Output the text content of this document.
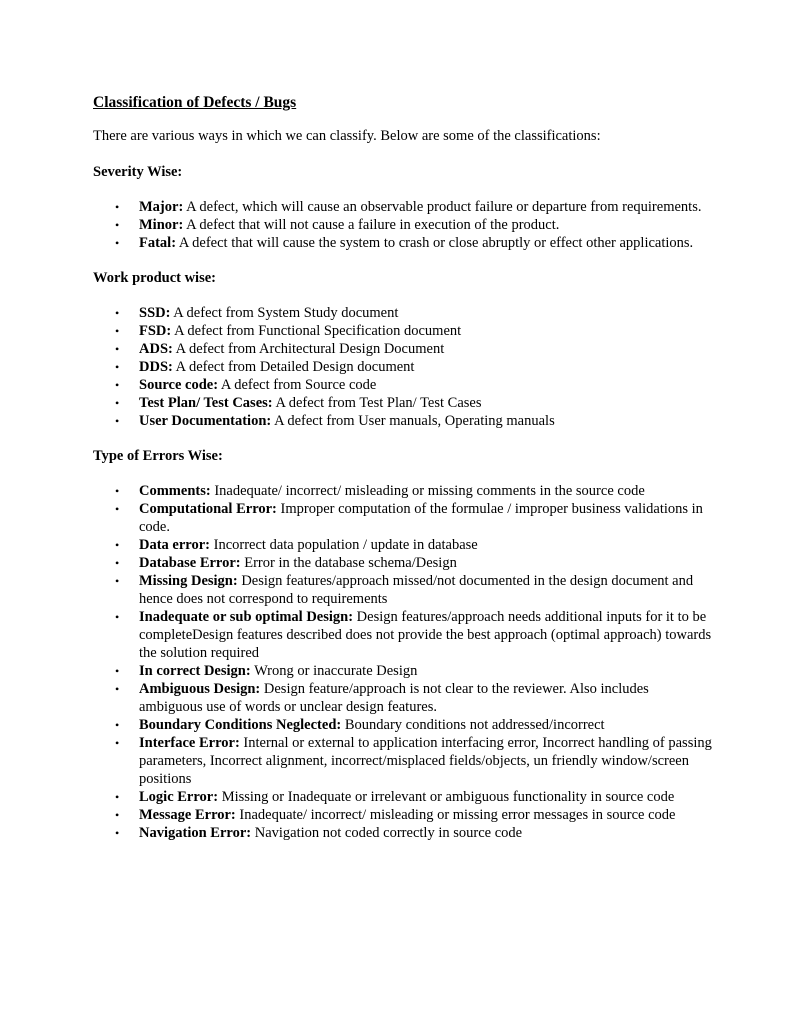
Classification of Defects / Bugs
There are various ways in which we can classify. Below are some of the classifications:
Severity Wise:
• Major: A defect, which will cause an observable product failure or departure from requirements.
• Minor: A defect that will not cause a failure in execution of the product.
• Fatal: A defect that will cause the system to crash or close abruptly or effect other applications.
Work product wise:
• SSD: A defect from System Study document
• FSD: A defect from Functional Specification document
• ADS: A defect from Architectural Design Document
• DDS: A defect from Detailed Design document
• Source code: A defect from Source code
• Test Plan/ Test Cases: A defect from Test Plan/ Test Cases
• User Documentation: A defect from User manuals, Operating manuals
Type of Errors Wise:
• Comments: Inadequate/ incorrect/ misleading or missing comments in the source code
• Computational Error: Improper computation of the formulae / improper business validations in code.
• Data error: Incorrect data population / update in database
• Database Error: Error in the database schema/Design
• Missing Design: Design features/approach missed/not documented in the design document and hence does not correspond to requirements
• Inadequate or sub optimal Design: Design features/approach needs additional inputs for it to be completeDesign features described does not provide the best approach (optimal approach) towards the solution required
• In correct Design: Wrong or inaccurate Design
• Ambiguous Design: Design feature/approach is not clear to the reviewer. Also includes ambiguous use of words or unclear design features.
• Boundary Conditions Neglected: Boundary conditions not addressed/incorrect
• Interface Error: Internal or external to application interfacing error, Incorrect handling of passing parameters, Incorrect alignment, incorrect/misplaced fields/objects, un friendly window/screen positions
• Logic Error: Missing or Inadequate or irrelevant or ambiguous functionality in source code
• Message Error: Inadequate/ incorrect/ misleading or missing error messages in source code
• Navigation Error: Navigation not coded correctly in source code
